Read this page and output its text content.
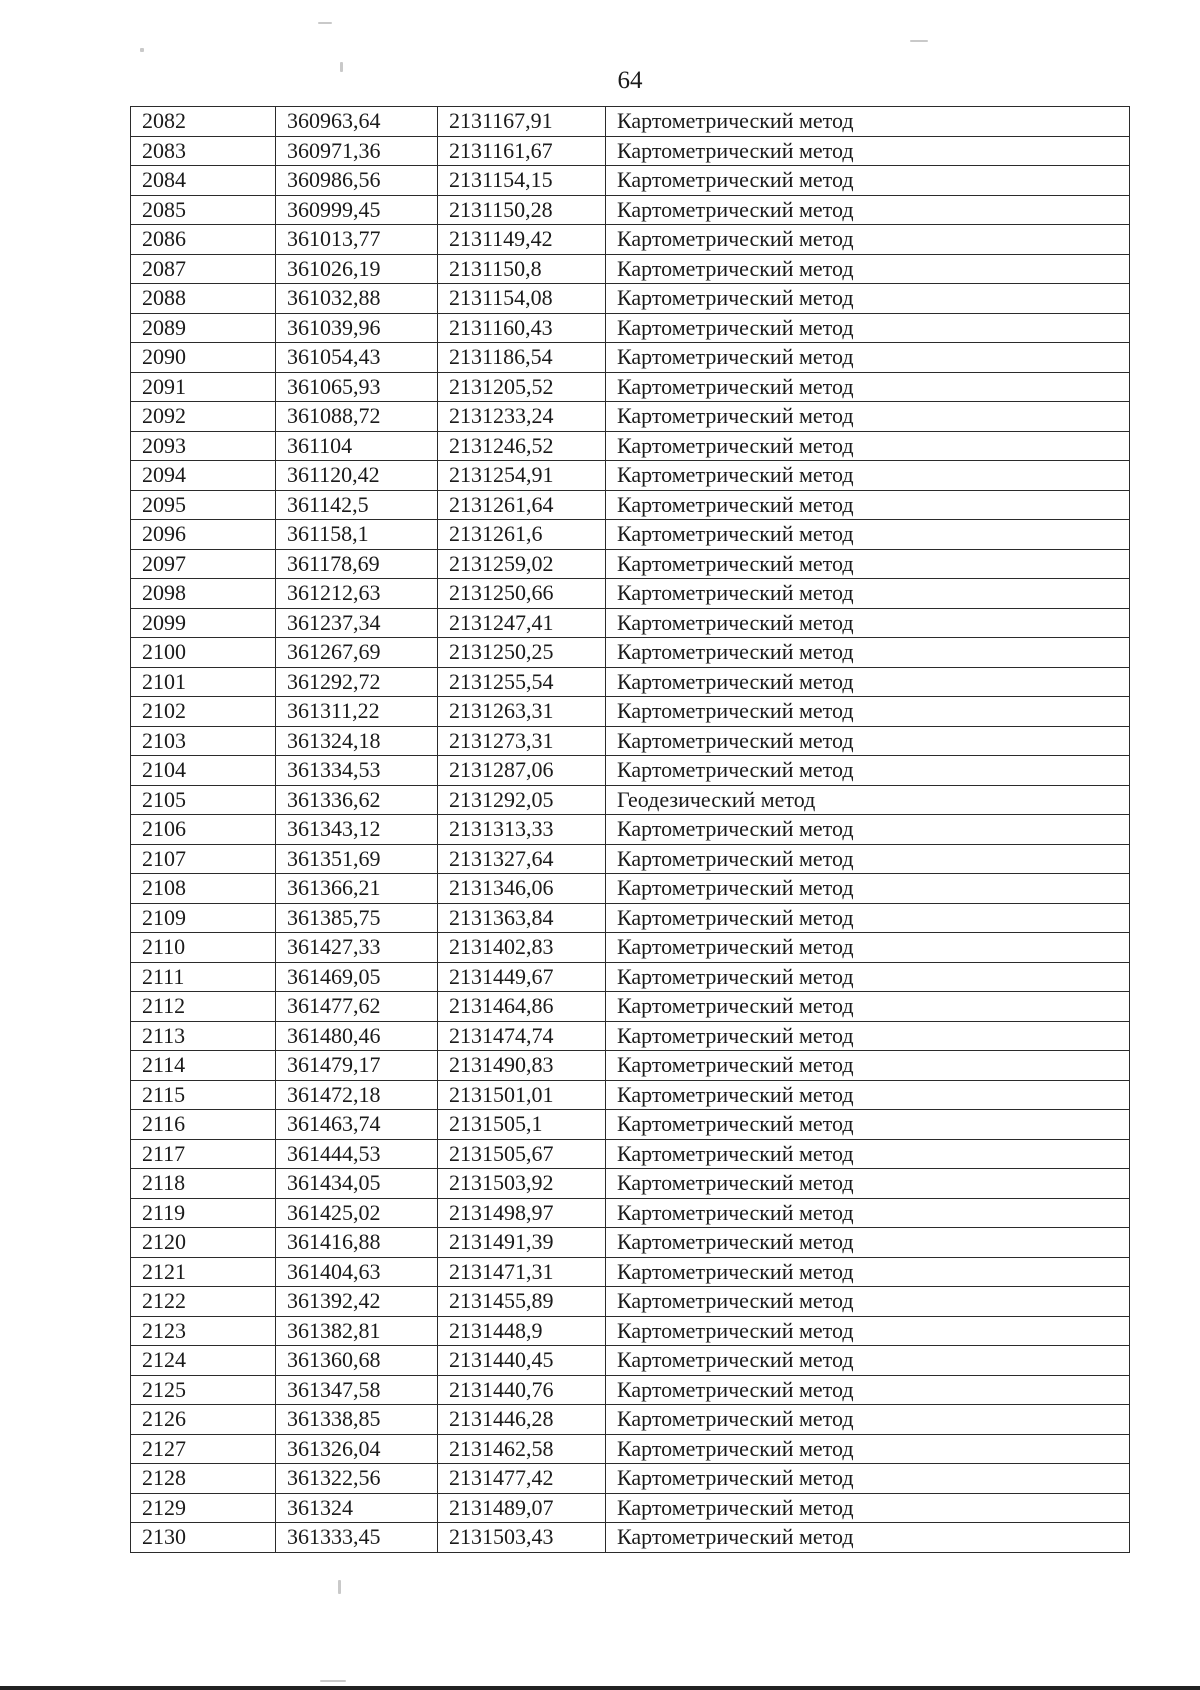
64
2082	360963,64	2131167,91	Картометрический метод
2083	360971,36	2131161,67	Картометрический метод
2084	360986,56	2131154,15	Картометрический метод
2085	360999,45	2131150,28	Картометрический метод
2086	361013,77	2131149,42	Картометрический метод
2087	361026,19	2131150,8	Картометрический метод
2088	361032,88	2131154,08	Картометрический метод
2089	361039,96	2131160,43	Картометрический метод
2090	361054,43	2131186,54	Картометрический метод
2091	361065,93	2131205,52	Картометрический метод
2092	361088,72	2131233,24	Картометрический метод
2093	361104	2131246,52	Картометрический метод
2094	361120,42	2131254,91	Картометрический метод
2095	361142,5	2131261,64	Картометрический метод
2096	361158,1	2131261,6	Картометрический метод
2097	361178,69	2131259,02	Картометрический метод
2098	361212,63	2131250,66	Картометрический метод
2099	361237,34	2131247,41	Картометрический метод
2100	361267,69	2131250,25	Картометрический метод
2101	361292,72	2131255,54	Картометрический метод
2102	361311,22	2131263,31	Картометрический метод
2103	361324,18	2131273,31	Картометрический метод
2104	361334,53	2131287,06	Картометрический метод
2105	361336,62	2131292,05	Геодезический метод
2106	361343,12	2131313,33	Картометрический метод
2107	361351,69	2131327,64	Картометрический метод
2108	361366,21	2131346,06	Картометрический метод
2109	361385,75	2131363,84	Картометрический метод
2110	361427,33	2131402,83	Картометрический метод
2111	361469,05	2131449,67	Картометрический метод
2112	361477,62	2131464,86	Картометрический метод
2113	361480,46	2131474,74	Картометрический метод
2114	361479,17	2131490,83	Картометрический метод
2115	361472,18	2131501,01	Картометрический метод
2116	361463,74	2131505,1	Картометрический метод
2117	361444,53	2131505,67	Картометрический метод
2118	361434,05	2131503,92	Картометрический метод
2119	361425,02	2131498,97	Картометрический метод
2120	361416,88	2131491,39	Картометрический метод
2121	361404,63	2131471,31	Картометрический метод
2122	361392,42	2131455,89	Картометрический метод
2123	361382,81	2131448,9	Картометрический метод
2124	361360,68	2131440,45	Картометрический метод
2125	361347,58	2131440,76	Картометрический метод
2126	361338,85	2131446,28	Картометрический метод
2127	361326,04	2131462,58	Картометрический метод
2128	361322,56	2131477,42	Картометрический метод
2129	361324	2131489,07	Картометрический метод
2130	361333,45	2131503,43	Картометрический метод
